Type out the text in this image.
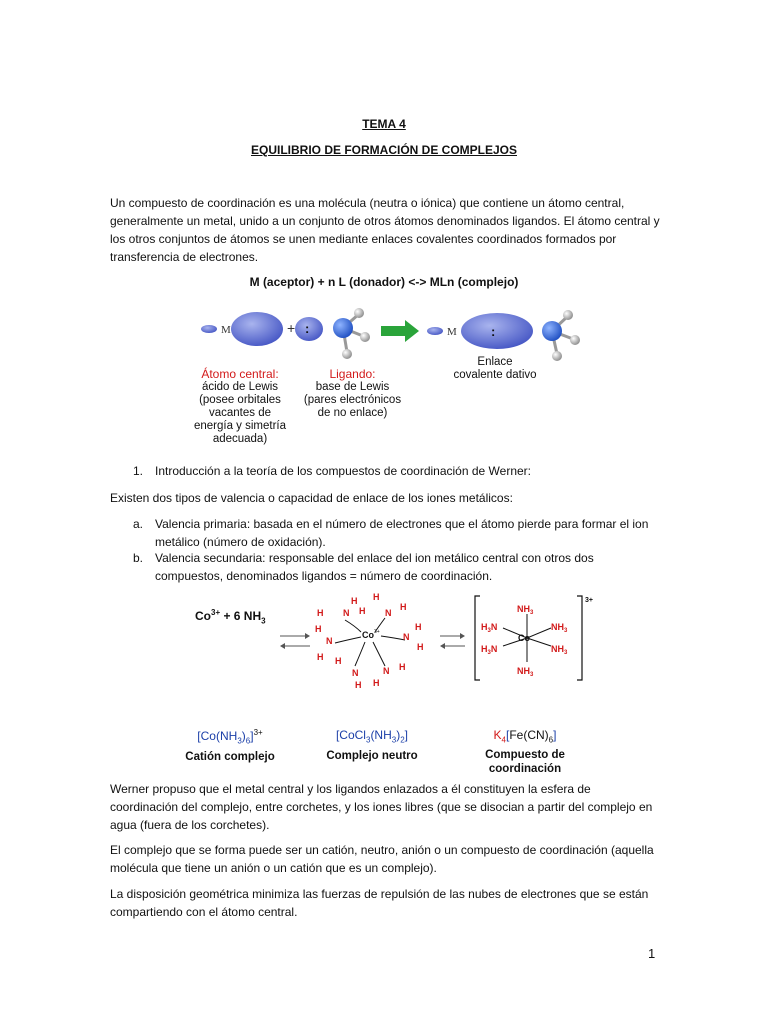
TEMA 4
EQUILIBRIO DE FORMACIÓN DE COMPLEJOS
Un compuesto de coordinación es una molécula (neutra o iónica) que contiene un átomo central, generalmente un metal, unido a un conjunto de otros átomos denominados ligandos. El átomo central y los otros conjuntos de átomos se unen mediante enlaces covalentes coordinados formados por transferencia de electrones.
M (aceptor) + n L (donador) <-> MLn (complejo)
M	+ :	M	:
Átomo central:
ácido de Lewis
(posee orbitales
vacantes de
energía y simetría
adecuada)
Ligando:
base de Lewis
(pares electrónicos
de no enlace)
Enlace
covalente dativo
1. Introducción a la teoría de los compuestos de coordinación de Werner:
Existen dos tipos de valencia o capacidad de enlace de los iones metálicos:
a. Valencia primaria: basada en el número de electrones que el átomo pierde para formar el ion metálico (número de oxidación).
b. Valencia secundaria: responsable del enlace del ion metálico central con otros dos compuestos, denominados ligandos = número de coordinación.
$Co^{3+} + 6$ $NH_3$
Co 3+
N
H
H
H	N
H
H
N
H
H
N
H
H
N
H
H
N H
H
3+
Co
$NH_3$
$NH_3$
$H_3N$
$H_3N$
$NH_3$
$NH_3$
$[Co(NH_3)_6]^{3+}$
Catión complejo
$[CoCl_3(NH_3)_2]$
Complejo neutro
$K_4[Fe(CN)_6]$
Compuesto de
coordinación
Werner propuso que el metal central y los ligandos enlazados a él constituyen la esfera de coordinación del complejo, entre corchetes, y los iones libres (que se disocian a partir del complejo en agua (fuera de los corchetes).
El complejo que se forma puede ser un catión, neutro, anión o un compuesto de coordinación (aquella molécula que tiene un anión o un catión que es un complejo).
La disposición geométrica minimiza las fuerzas de repulsión de las nubes de electrones que se están compartiendo con el átomo central.
1
